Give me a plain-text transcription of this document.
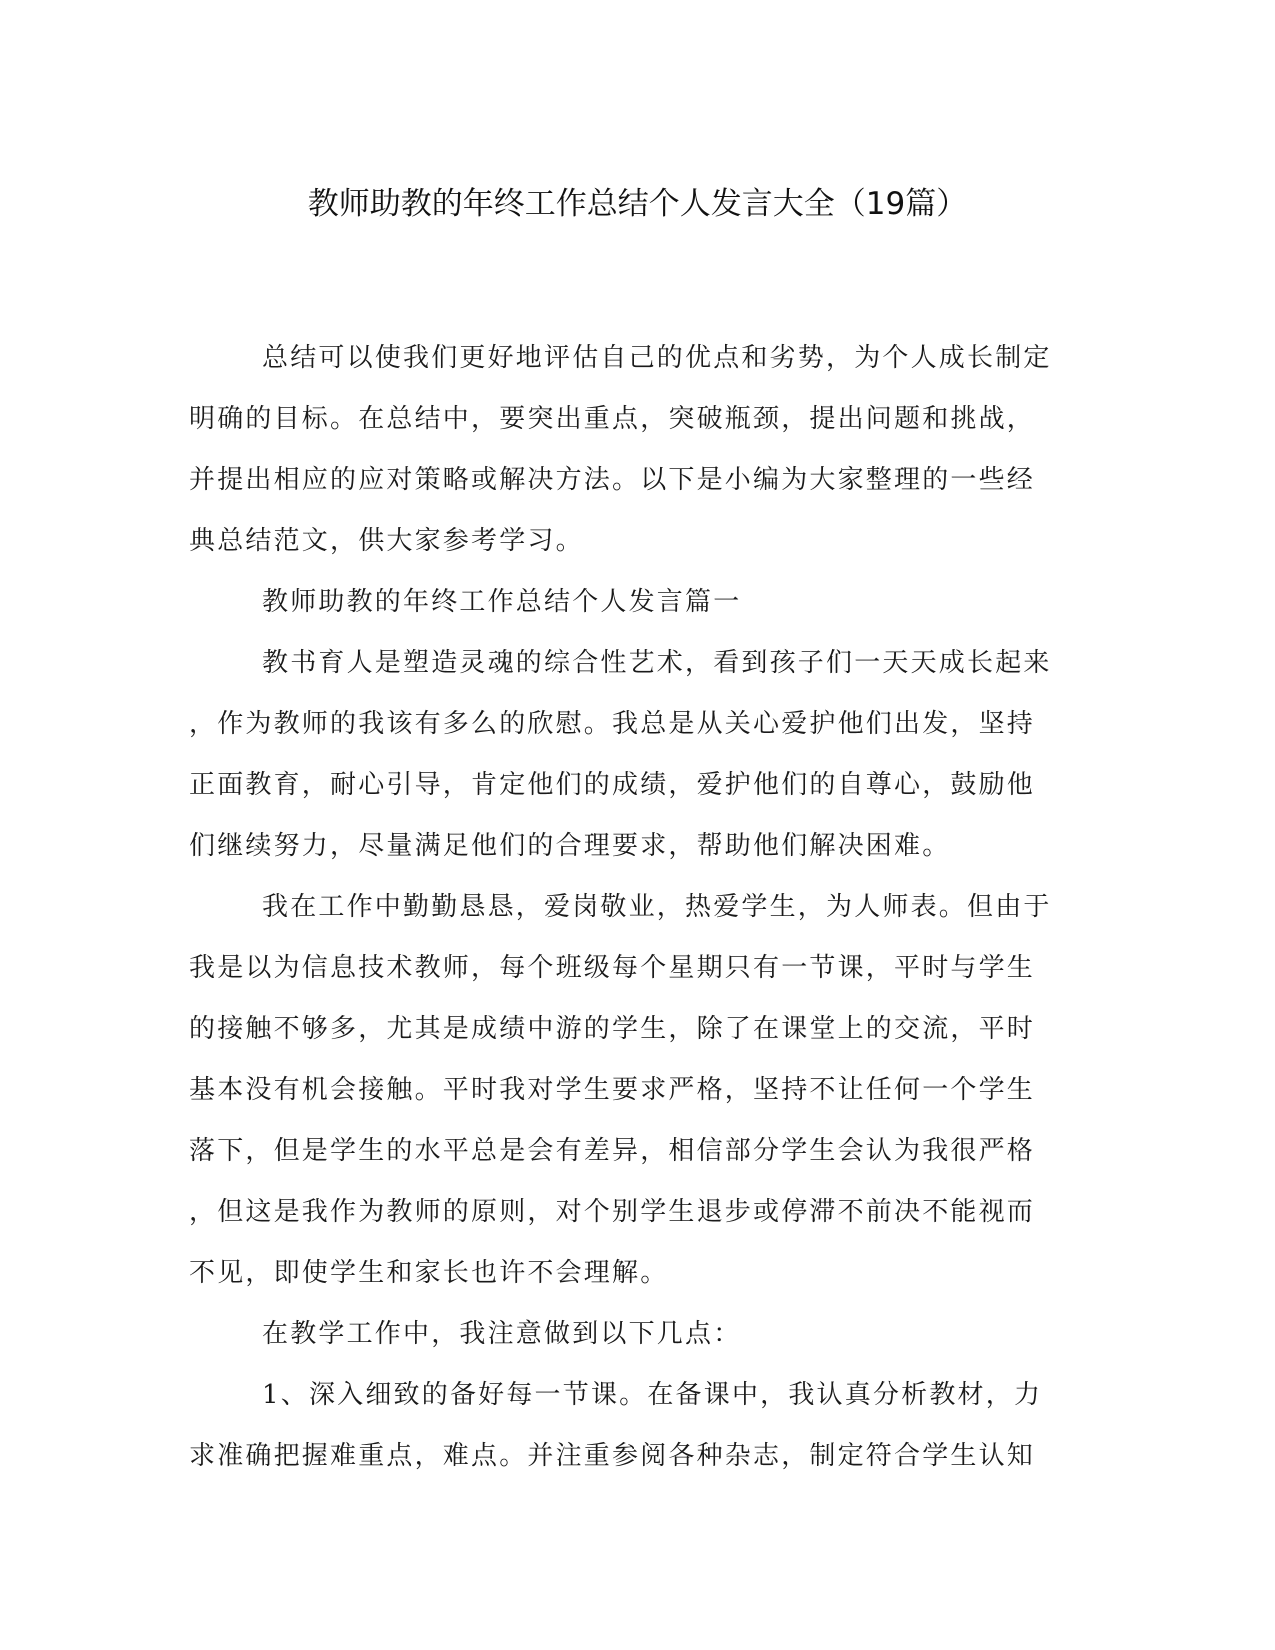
教师助教的年终工作总结个人发言大全（19篇）

总结可以使我们更好地评估自己的优点和劣势，为个人成长制定

明确的目标。在总结中，要突出重点，突破瓶颈，提出问题和挑战，

并提出相应的应对策略或解决方法。以下是小编为大家整理的一些经

典总结范文，供大家参考学习。

教师助教的年终工作总结个人发言篇一

教书育人是塑造灵魂的综合性艺术，看到孩子们一天天成长起来

，作为教师的我该有多么的欣慰。我总是从关心爱护他们出发，坚持

正面教育，耐心引导，肯定他们的成绩，爱护他们的自尊心，鼓励他

们继续努力，尽量满足他们的合理要求，帮助他们解决困难。

我在工作中勤勤恳恳，爱岗敬业，热爱学生，为人师表。但由于

我是以为信息技术教师，每个班级每个星期只有一节课，平时与学生

的接触不够多，尤其是成绩中游的学生，除了在课堂上的交流，平时

基本没有机会接触。平时我对学生要求严格，坚持不让任何一个学生

落下，但是学生的水平总是会有差异，相信部分学生会认为我很严格

，但这是我作为教师的原则，对个别学生退步或停滞不前决不能视而

不见，即使学生和家长也许不会理解。

在教学工作中，我注意做到以下几点：

1、深入细致的备好每一节课。在备课中，我认真分析教材，力

求准确把握难重点，难点。并注重参阅各种杂志，制定符合学生认知
